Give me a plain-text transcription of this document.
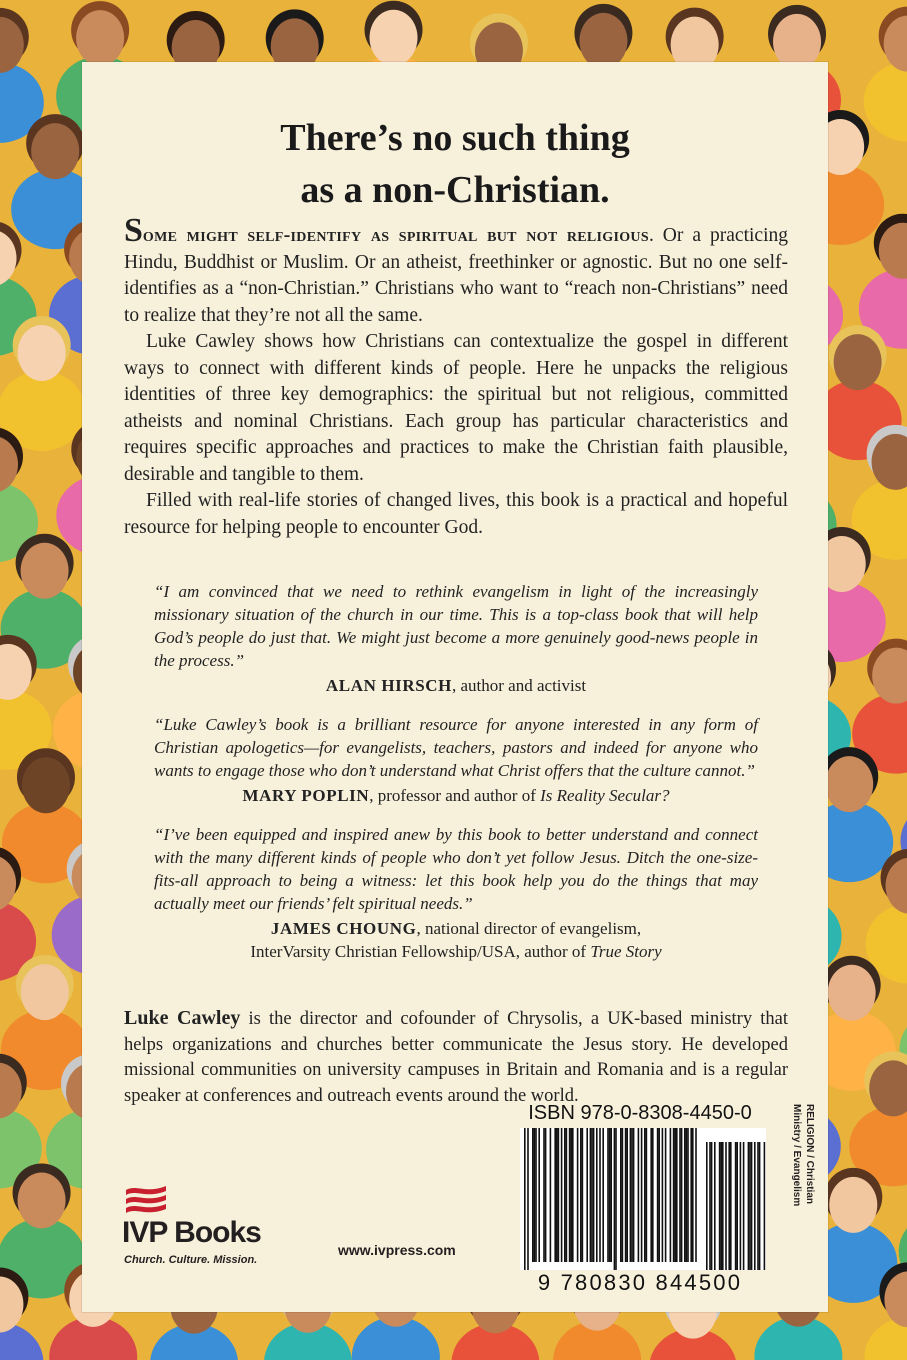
There’s no such thing
as a non-Christian.

Some might self-identify as spiritual but not religious. Or a practicing Hindu, Buddhist or Muslim. Or an atheist, freethinker or agnostic. But no one self-identifies as a “non-Christian.” Christians who want to “reach non-Christians” need to realize that they’re not all the same.

Luke Cawley shows how Christians can contextualize the gospel in different ways to connect with different kinds of people. Here he unpacks the religious identities of three key demographics: the spiritual but not religious, committed atheists and nominal Christians. Each group has particular characteristics and requires specific approaches and practices to make the Christian faith plausible, desirable and tangible to them.

Filled with real-life stories of changed lives, this book is a practical and hopeful resource for helping people to encounter God.

“I am convinced that we need to rethink evangelism in light of the increasingly missionary situation of the church in our time. This is a top-class book that will help God’s people do just that. We might just become a more genuinely good-news people in the process.”

ALAN HIRSCH, author and activist

“Luke Cawley’s book is a brilliant resource for anyone interested in any form of Christian apologetics—for evangelists, teachers, pastors and indeed for anyone who wants to engage those who don’t understand what Christ offers that the culture cannot.”

MARY POPLIN, professor and author of Is Reality Secular?

“I’ve been equipped and inspired anew by this book to better understand and connect with the many different kinds of people who don’t yet follow Jesus. Ditch the one-size-fits-all approach to being a witness: let this book help you do the things that may actually meet our friends’ felt spiritual needs.”

JAMES CHOUNG, national director of evangelism,
InterVarsity Christian Fellowship/USA, author of True Story

Luke Cawley is the director and cofounder of Chrysolis, a UK-based ministry that helps organizations and churches better communicate the Jesus story. He developed missional communities on university campuses in Britain and Romania and is a regular speaker at conferences and outreach events around the world.

IVP Books
Church. Culture. Mission.
www.ivpress.com
ISBN 978-0-8308-4450-0
9 780830 844500
RELIGION / Christian
Ministry / Evangelism
